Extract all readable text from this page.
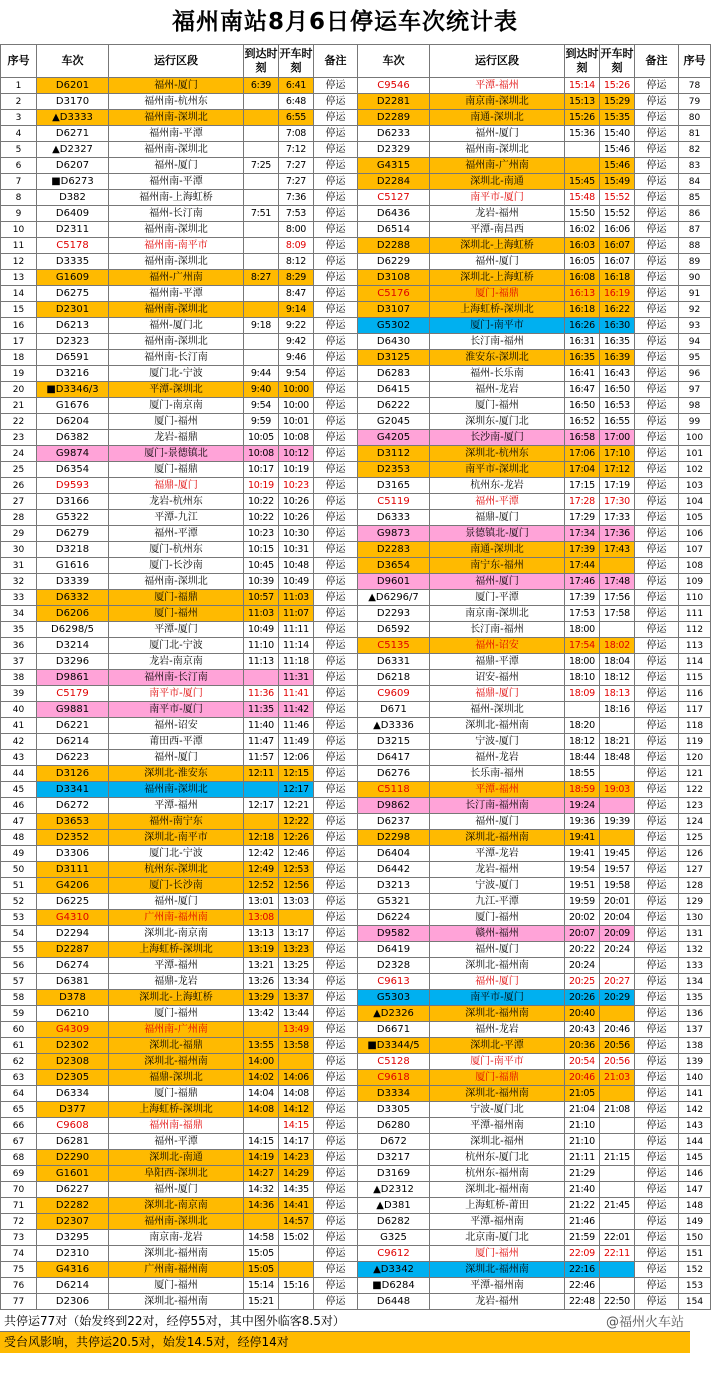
福州南站8月6日停运车次统计表
序号	车次	运行区段	到达时刻	开车时刻	备注	车次	运行区段	到达时刻	开车时刻	备注	序号
1	D6201	福州-厦门	6:39	6:41	停运	C9546	平潭-福州	15:14	15:26	停运	78
2	D3170	福州南-杭州东		6:48	停运	D2281	南京南-深圳北	15:13	15:29	停运	79
3	▲D3333	福州南-深圳北		6:55	停运	D2289	南通-深圳北	15:26	15:35	停运	80
4	D6271	福州南-平潭		7:08	停运	D6233	福州-厦门	15:36	15:40	停运	81
5	▲D2327	福州南-深圳北		7:12	停运	D2329	福州南-深圳北		15:46	停运	82
6	D6207	福州-厦门	7:25	7:27	停运	G4315	福州南-广州南		15:46	停运	83
7	■D6273	福州南-平潭		7:27	停运	D2284	深圳北-南通	15:45	15:49	停运	84
8	D382	福州南-上海虹桥		7:36	停运	C5127	南平市-厦门	15:48	15:52	停运	85
9	D6409	福州-长汀南	7:51	7:53	停运	D6436	龙岩-福州	15:50	15:52	停运	86
10	D2311	福州南-深圳北		8:00	停运	D6514	平潭-南昌西	16:02	16:06	停运	87
11	C5178	福州南-南平市		8:09	停运	D2288	深圳北-上海虹桥	16:03	16:07	停运	88
12	D3335	福州南-深圳北		8:12	停运	D6229	福州-厦门	16:05	16:07	停运	89
13	G1609	福州-广州南	8:27	8:29	停运	D3108	深圳北-上海虹桥	16:08	16:18	停运	90
14	D6275	福州南-平潭		8:47	停运	C5176	厦门-福鼎	16:13	16:19	停运	91
15	D2301	福州南-深圳北		9:14	停运	D3107	上海虹桥-深圳北	16:18	16:22	停运	92
16	D6213	福州-厦门北	9:18	9:22	停运	G5302	厦门-南平市	16:26	16:30	停运	93
17	D2323	福州南-深圳北		9:42	停运	D6430	长汀南-福州	16:31	16:35	停运	94
18	D6591	福州南-长汀南		9:46	停运	D3125	淮安东-深圳北	16:35	16:39	停运	95
19	D3216	厦门北-宁波	9:44	9:54	停运	D6283	福州-长乐南	16:41	16:43	停运	96
20	■D3346/3	平潭-深圳北	9:40	10:00	停运	D6415	福州-龙岩	16:47	16:50	停运	97
21	G1676	厦门-南京南	9:54	10:00	停运	D6222	厦门-福州	16:50	16:53	停运	98
22	D6204	厦门-福州	9:59	10:01	停运	G2045	深圳东-厦门北	16:52	16:55	停运	99
23	D6382	龙岩-福鼎	10:05	10:08	停运	G4205	长沙南-厦门	16:58	17:00	停运	100
24	G9874	厦门-景德镇北	10:08	10:12	停运	D3112	深圳北-杭州东	17:06	17:10	停运	101
25	D6354	厦门-福鼎	10:17	10:19	停运	D2353	南平市-深圳北	17:04	17:12	停运	102
26	D9593	福鼎-厦门	10:19	10:23	停运	D3165	杭州东-龙岩	17:15	17:19	停运	103
27	D3166	龙岩-杭州东	10:22	10:26	停运	C5119	福州-平潭	17:28	17:30	停运	104
28	G5322	平潭-九江	10:22	10:26	停运	D6333	福鼎-厦门	17:29	17:33	停运	105
29	D6279	福州-平潭	10:23	10:30	停运	G9873	景德镇北-厦门	17:34	17:36	停运	106
30	D3218	厦门-杭州东	10:15	10:31	停运	D2283	南通-深圳北	17:39	17:43	停运	107
31	G1616	厦门-长沙南	10:45	10:48	停运	D3654	南宁东-福州	17:44		停运	108
32	D3339	福州南-深圳北	10:39	10:49	停运	D9601	福州-厦门	17:46	17:48	停运	109
33	D6332	厦门-福鼎	10:57	11:03	停运	▲D6296/7	厦门-平潭	17:39	17:56	停运	110
34	D6206	厦门-福州	11:03	11:07	停运	D2293	南京南-深圳北	17:53	17:58	停运	111
35	D6298/5	平潭-厦门	10:49	11:11	停运	D6592	长汀南-福州	18:00		停运	112
36	D3214	厦门北-宁波	11:10	11:14	停运	C5135	福州-诏安	17:54	18:02	停运	113
37	D3296	龙岩-南京南	11:13	11:18	停运	D6331	福鼎-平潭	18:00	18:04	停运	114
38	D9861	福州南-长汀南		11:31	停运	D6218	诏安-福州	18:10	18:12	停运	115
39	C5179	南平市-厦门	11:36	11:41	停运	C9609	福鼎-厦门	18:09	18:13	停运	116
40	G9881	南平市-厦门	11:35	11:42	停运	D671	福州-深圳北		18:16	停运	117
41	D6221	福州-诏安	11:40	11:46	停运	▲D3336	深圳北-福州南	18:20		停运	118
42	D6214	莆田西-平潭	11:47	11:49	停运	D3215	宁波-厦门	18:12	18:21	停运	119
43	D6223	福州-厦门	11:57	12:06	停运	D6417	福州-龙岩	18:44	18:48	停运	120
44	D3126	深圳北-淮安东	12:11	12:15	停运	D6276	长乐南-福州	18:55		停运	121
45	D3341	福州南-深圳北		12:17	停运	C5118	平潭-福州	18:59	19:03	停运	122
46	D6272	平潭-福州	12:17	12:21	停运	D9862	长汀南-福州南	19:24		停运	123
47	D3653	福州-南宁东		12:22	停运	D6237	福州-厦门	19:36	19:39	停运	124
48	D2352	深圳北-南平市	12:18	12:26	停运	D2298	深圳北-福州南	19:41		停运	125
49	D3306	厦门北-宁波	12:42	12:46	停运	D6404	平潭-龙岩	19:41	19:45	停运	126
50	D3111	杭州东-深圳北	12:49	12:53	停运	D6442	龙岩-福州	19:54	19:57	停运	127
51	G4206	厦门-长沙南	12:52	12:56	停运	D3213	宁波-厦门	19:51	19:58	停运	128
52	D6225	福州-厦门	13:01	13:03	停运	G5321	九江-平潭	19:59	20:01	停运	129
53	G4310	广州南-福州南	13:08		停运	D6224	厦门-福州	20:02	20:04	停运	130
54	D2294	深圳北-南京南	13:13	13:17	停运	D9582	赣州-福州	20:07	20:09	停运	131
55	D2287	上海虹桥-深圳北	13:19	13:23	停运	D6419	福州-厦门	20:22	20:24	停运	132
56	D6274	平潭-福州	13:21	13:25	停运	D2328	深圳北-福州南	20:24		停运	133
57	D6381	福鼎-龙岩	13:26	13:34	停运	C9613	福州-厦门	20:25	20:27	停运	134
58	D378	深圳北-上海虹桥	13:29	13:37	停运	G5303	南平市-厦门	20:26	20:29	停运	135
59	D6210	厦门-福州	13:42	13:44	停运	▲D2326	深圳北-福州南	20:40		停运	136
60	G4309	福州南-广州南		13:49	停运	D6671	福州-龙岩	20:43	20:46	停运	137
61	D2302	深圳北-福鼎	13:55	13:58	停运	■D3344/5	深圳北-平潭	20:36	20:56	停运	138
62	D2308	深圳北-福州南	14:00		停运	C5128	厦门-南平市	20:54	20:56	停运	139
63	D2305	福鼎-深圳北	14:02	14:06	停运	C9618	厦门-福鼎	20:46	21:03	停运	140
64	D6334	厦门-福鼎	14:04	14:08	停运	D3334	深圳北-福州南	21:05		停运	141
65	D377	上海虹桥-深圳北	14:08	14:12	停运	D3305	宁波-厦门北	21:04	21:08	停运	142
66	C9608	福州南-福鼎		14:15	停运	D6280	平潭-福州南	21:10		停运	143
67	D6281	福州-平潭	14:15	14:17	停运	D672	深圳北-福州	21:10		停运	144
68	D2290	深圳北-南通	14:19	14:23	停运	D3217	杭州东-厦门北	21:11	21:15	停运	145
69	G1601	阜阳西-深圳北	14:27	14:29	停运	D3169	杭州东-福州南	21:29		停运	146
70	D6227	福州-厦门	14:32	14:35	停运	▲D2312	深圳北-福州南	21:40		停运	147
71	D2282	深圳北-南京南	14:36	14:41	停运	▲D381	上海虹桥-莆田	21:22	21:45	停运	148
72	D2307	福州南-深圳北		14:57	停运	D6282	平潭-福州南	21:46		停运	149
73	D3295	南京南-龙岩	14:58	15:02	停运	G325	北京南-厦门北	21:59	22:01	停运	150
74	D2310	深圳北-福州南	15:05		停运	C9612	厦门-福州	22:09	22:11	停运	151
75	G4316	广州南-福州南	15:05		停运	▲D3342	深圳北-福州南	22:16		停运	152
76	D6214	厦门-福州	15:14	15:16	停运	■D6284	平潭-福州南	22:46		停运	153
77	D2306	深圳北-福州南	15:21		停运	D6448	龙岩-福州	22:48	22:50	停运	154
共停运77对（始发终到22对，经停55对，其中图外临客8.5对）
受台风影响，共停运20.5对，始发14.5对，经停14对
@福州火车站
